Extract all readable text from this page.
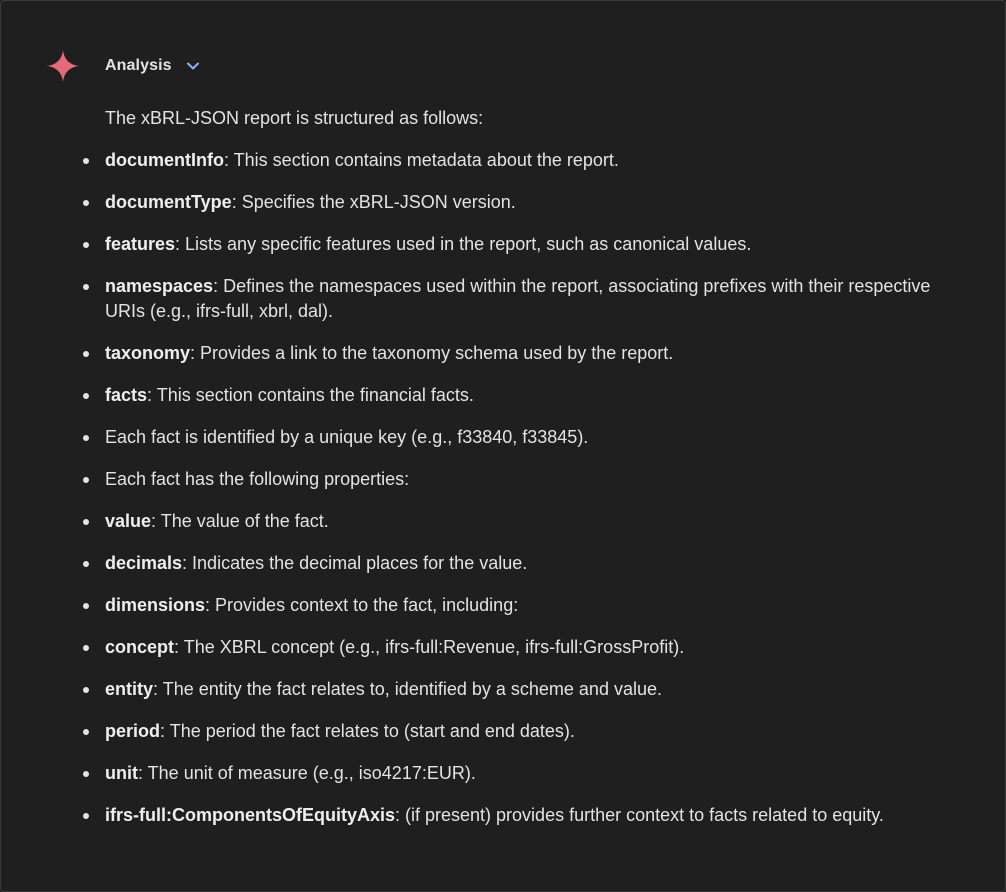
Analysis

The xBRL-JSON report is structured as follows:

documentInfo: This section contains metadata about the report.
documentType: Specifies the xBRL-JSON version.
features: Lists any specific features used in the report, such as canonical values.
namespaces: Defines the namespaces used within the report, associating prefixes with their respective URIs (e.g., ifrs-full, xbrl, dal).
taxonomy: Provides a link to the taxonomy schema used by the report.
facts: This section contains the financial facts.
Each fact is identified by a unique key (e.g., f33840, f33845).
Each fact has the following properties:
value: The value of the fact.
decimals: Indicates the decimal places for the value.
dimensions: Provides context to the fact, including:
concept: The XBRL concept (e.g., ifrs-full:Revenue, ifrs-full:GrossProfit).
entity: The entity the fact relates to, identified by a scheme and value.
period: The period the fact relates to (start and end dates).
unit: The unit of measure (e.g., iso4217:EUR).
ifrs-full:ComponentsOfEquityAxis: (if present) provides further context to facts related to equity.
